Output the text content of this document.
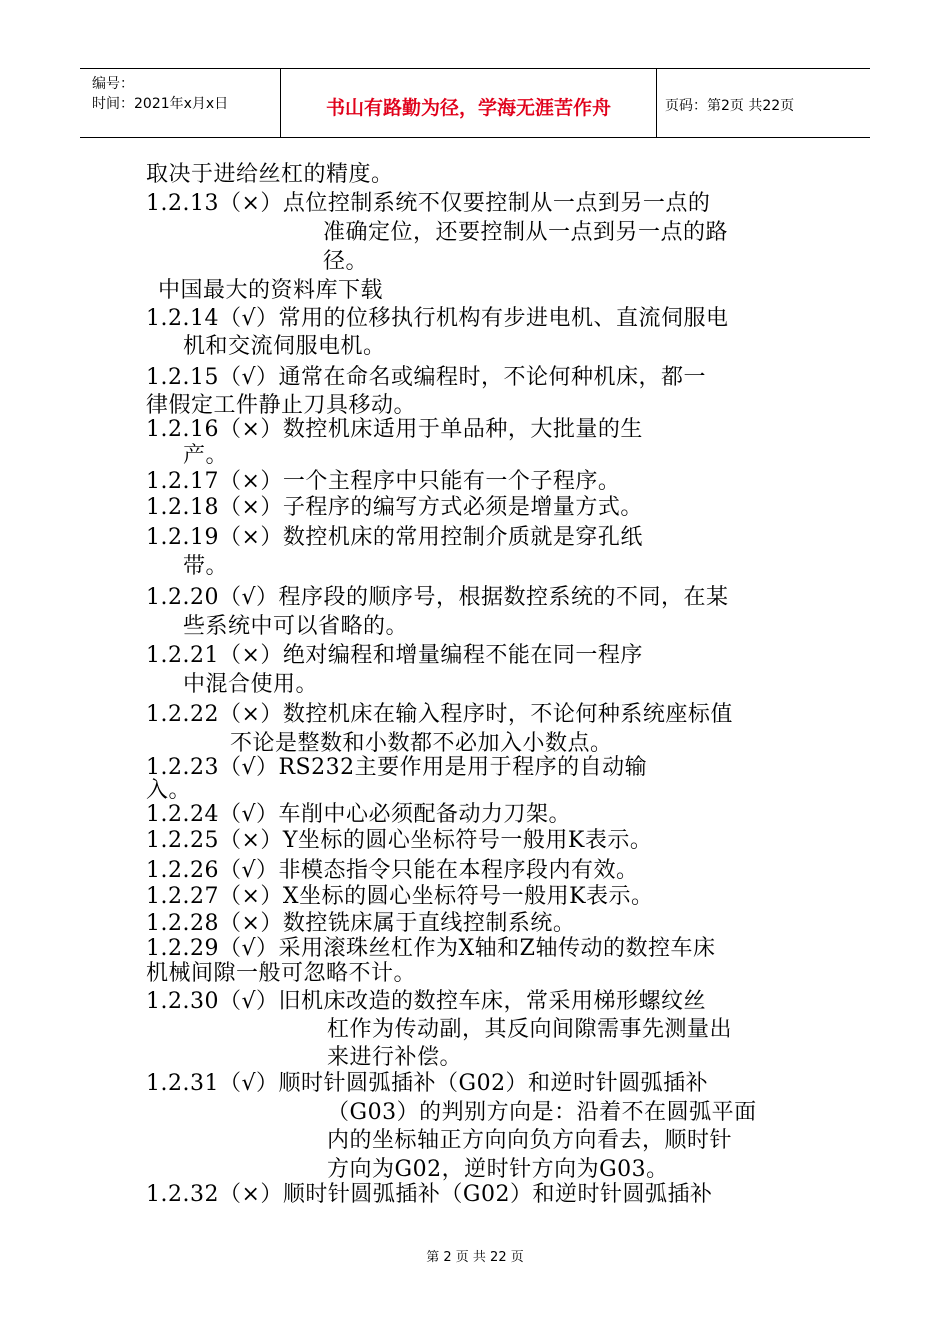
编号：
时间：2021年x月x日	书山有路勤为径，学海无涯苦作舟	页码：第2页 共22页
取决于进给丝杠的精度。
1.2.13（×）点位控制系统不仅要控制从一点到另一点的
准确定位，还要控制从一点到另一点的路
径。
中国最大的资料库下载
1.2.14（√）常用的位移执行机构有步进电机、直流伺服电
机和交流伺服电机。
1.2.15（√）通常在命名或编程时，不论何种机床，都一
律假定工件静止刀具移动。
1.2.16（×）数控机床适用于单品种，大批量的生
产。
1.2.17（×）一个主程序中只能有一个子程序。
1.2.18（×）子程序的编写方式必须是增量方式。
1.2.19（×）数控机床的常用控制介质就是穿孔纸
带。
1.2.20（√）程序段的顺序号，根据数控系统的不同，在某
些系统中可以省略的。
1.2.21（×）绝对编程和增量编程不能在同一程序
中混合使用。
1.2.22（×）数控机床在输入程序时，不论何种系统座标值
不论是整数和小数都不必加入小数点。
1.2.23（√）RS232主要作用是用于程序的自动输
入。
1.2.24（√）车削中心必须配备动力刀架。
1.2.25（×）Y坐标的圆心坐标符号一般用K表示。
1.2.26（√）非模态指令只能在本程序段内有效。
1.2.27（×）X坐标的圆心坐标符号一般用K表示。
1.2.28（×）数控铣床属于直线控制系统。
1.2.29（√）采用滚珠丝杠作为X轴和Z轴传动的数控车床
机械间隙一般可忽略不计。
1.2.30（√）旧机床改造的数控车床，常采用梯形螺纹丝
杠作为传动副，其反向间隙需事先测量出
来进行补偿。
1.2.31（√）顺时针圆弧插补（G02）和逆时针圆弧插补
（G03）的判别方向是：沿着不在圆弧平面
内的坐标轴正方向向负方向看去，顺时针
方向为G02，逆时针方向为G03。
1.2.32（×）顺时针圆弧插补（G02）和逆时针圆弧插补
第 2 页 共 22 页
